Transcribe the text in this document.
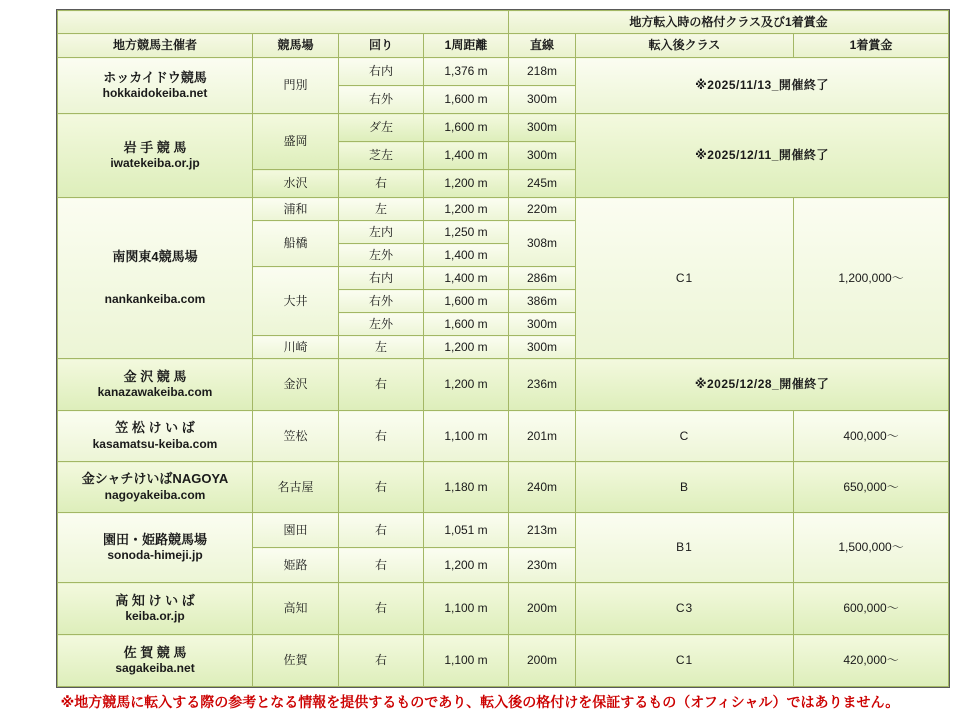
				地方転入時の格付クラス及び1着賞金		
地方競馬主催者	競馬場	回り	1周距離	直線	転入後クラス	1着賞金

ホッカイドウ競馬
hokkaidokeiba.net	門別	右内	1,376 m	218m	※2025/11/13_開催終了	
		右外	1,600 m	300m		

岩 手 競 馬
iwatekeiba.or.jp	盛岡	ダ左	1,600 m	300m	※2025/12/11_開催終了	
		芝左	1,400 m	300m		
	水沢	右	1,200 m	245m		

南関東4競馬場
nankankeiba.com	浦和	左	1,200 m	220m	C1	1,200,000～
	船橋	左内	1,250 m	308m		
		左外	1,400 m			
	大井	右内	1,400 m	286m		
		右外	1,600 m	386m		
		左外	1,600 m	300m		
	川崎	左	1,200 m	300m		

金 沢 競 馬
kanazawakeiba.com	金沢	右	1,200 m	236m	※2025/12/28_開催終了	

笠 松 け い ば
kasamatsu-keiba.com	笠松	右	1,100 m	201m	C	400,000～

金シャチけいばNAGOYA
nagoyakeiba.com	名古屋	右	1,180 m	240m	B	650,000～

園田・姫路競馬場
sonoda-himeji.jp	園田	右	1,051 m	213m	B1	1,500,000～
	姫路	右	1,200 m	230m		

高 知 け い ば
keiba.or.jp	高知	右	1,100 m	200m	C3	600,000～

佐 賀 競 馬
sagakeiba.net	佐賀	右	1,100 m	200m	C1	420,000～
※地方競馬に転入する際の参考となる情報を提供するものであり、転入後の格付けを保証するもの（オフィシャル）ではありません。
